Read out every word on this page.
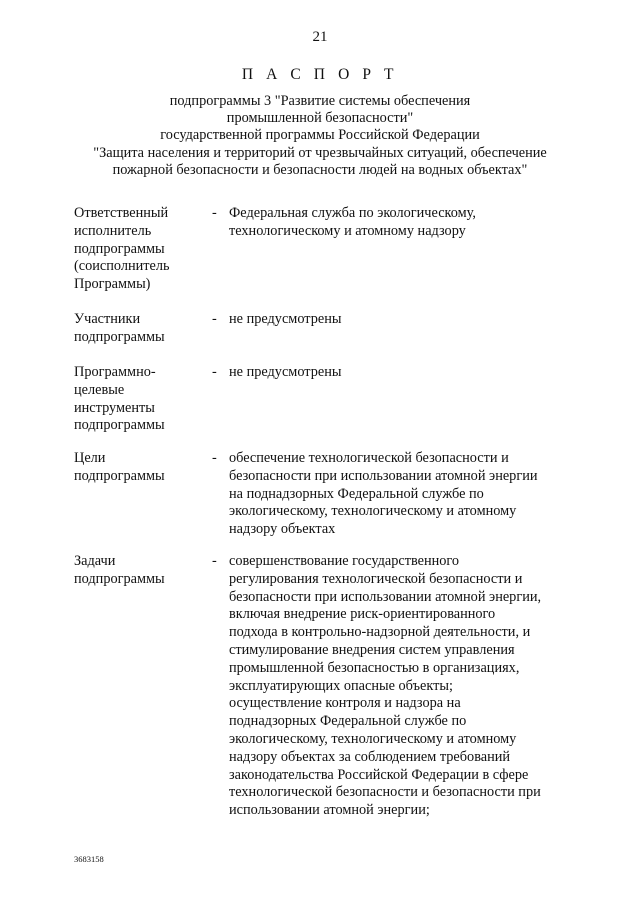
21
П А С П О Р Т
подпрограммы 3 "Развитие системы обеспечения
промышленной безопасности"
государственной программы Российской Федерации
"Защита населения и территорий от чрезвычайных ситуаций, обеспечение
пожарной безопасности и безопасности людей на водных объектах"
Ответственный
исполнитель
подпрограммы
(соисполнитель
Программы)
- Федеральная служба по экологическому,
технологическому и атомному надзору
Участники
подпрограммы
- не предусмотрены
Программно-
целевые
инструменты
подпрограммы
- не предусмотрены
Цели
подпрограммы
- обеспечение технологической безопасности и
безопасности при использовании атомной энергии
на поднадзорных Федеральной службе по
экологическому, технологическому и атомному
надзору объектах
Задачи
подпрограммы
- совершенствование государственного
регулирования технологической безопасности и
безопасности при использовании атомной энергии,
включая внедрение риск-ориентированного
подхода в контрольно-надзорной деятельности, и
стимулирование внедрения систем управления
промышленной безопасностью в организациях,
эксплуатирующих опасные объекты;
осуществление контроля и надзора на
поднадзорных Федеральной службе по
экологическому, технологическому и атомному
надзору объектах за соблюдением требований
законодательства Российской Федерации в сфере
технологической безопасности и безопасности при
использовании атомной энергии;
3683158
